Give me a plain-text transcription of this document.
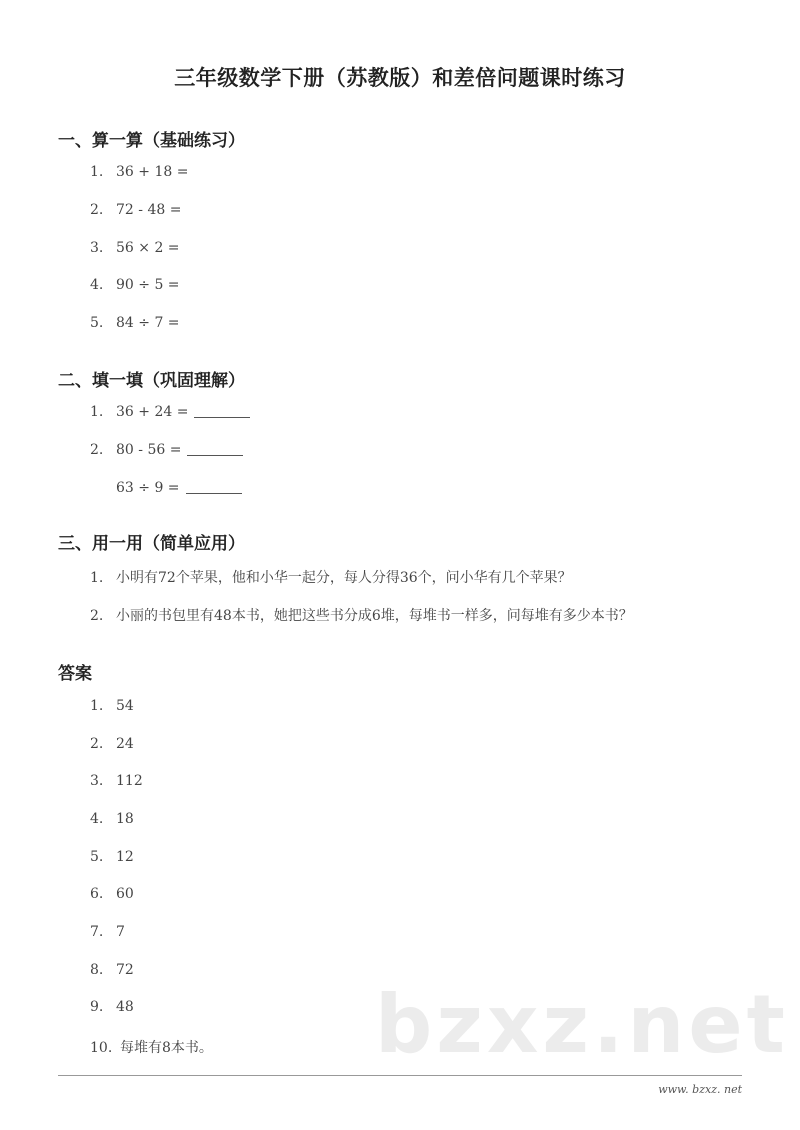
三年级数学下册（苏教版）和差倍问题课时练习
一、算一算（基础练习）
1. 36 + 18 =
2. 72 - 48 =
3. 56 × 2 =
4. 90 ÷ 5 =
5. 84 ÷ 7 =
二、填一填（巩固理解）
1. 36 + 24 =
2. 80 - 56 =
63 ÷ 9 =
三、用一用（简单应用）
1. 小明有72个苹果，他和小华一起分，每人分得36个，问小华有几个苹果？
2. 小丽的书包里有48本书，她把这些书分成6堆，每堆书一样多，问每堆有多少本书？
答案
1. 54
2. 24
3. 112
4. 18
5. 12
6. 60
7. 7
8. 72
9. 48	bzxz.net
10. 每堆有8本书。
www. bzxz. net
